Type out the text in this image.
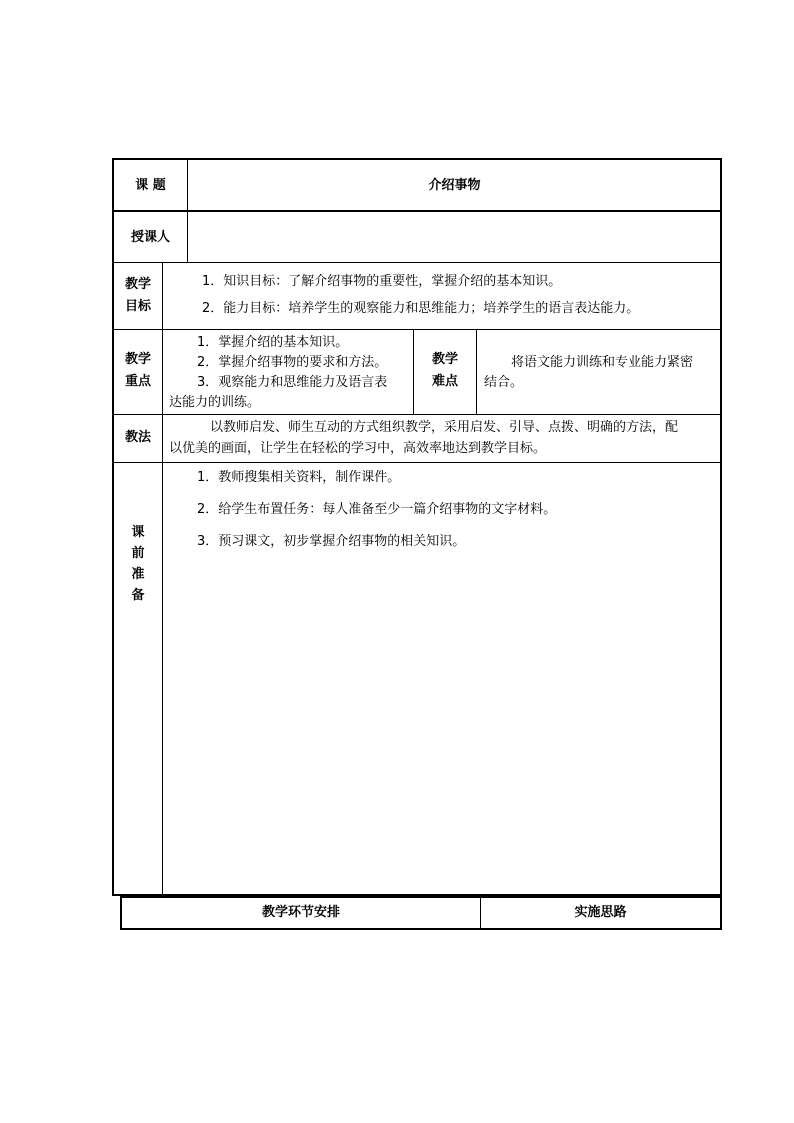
课 题	介绍事物
授课人
教学
目标
1．知识目标：了解介绍事物的重要性，掌握介绍的基本知识。
2．能力目标：培养学生的观察能力和思维能力；培养学生的语言表达能力。
教学
重点
1．掌握介绍的基本知识。
2．掌握介绍事物的要求和方法。
3．观察能力和思维能力及语言表
达能力的训练。
教学
难点
将语文能力训练和专业能力紧密
结合。
教法
以教师启发、师生互动的方式组织教学，采用启发、引导、点拨、明确的方法，配
以优美的画面，让学生在轻松的学习中，高效率地达到教学目标。
课
前
准
备
1．教师搜集相关资料，制作课件。
2．给学生布置任务：每人准备至少一篇介绍事物的文字材料。
3．预习课文，初步掌握介绍事物的相关知识。
教学环节安排	实施思路
